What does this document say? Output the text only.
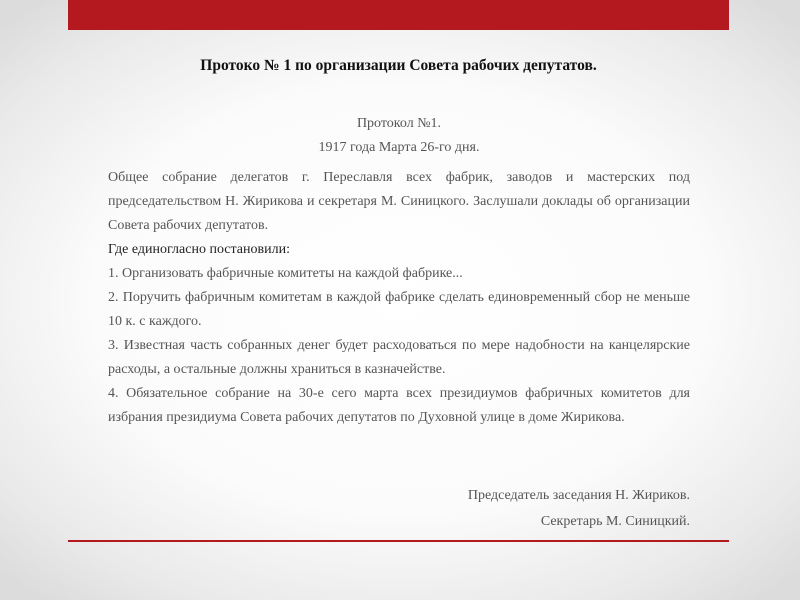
Протоко № 1 по организации Совета рабочих депутатов.
Протокол №1.
1917 года Марта 26-го дня.

Общее собрание делегатов г. Переславля всех фабрик, заводов и мастерских под председательством Н. Жирикова и секретаря М. Синицкого. Заслушали доклады об организации Совета рабочих депутатов.

Где единогласно постановили:

1. Организовать фабричные комитеты на каждой фабрике...

2. Поручить фабричным комитетам в каждой фабрике сделать единовременный сбор не меньше 10 к. с каждого.

3. Известная часть собранных денег будет расходоваться по мере надобности на канцелярские расходы, а остальные должны храниться в казначействе.

4. Обязательное собрание на 30-е сего марта всех президиумов фабричных комитетов для избрания президиума Совета рабочих депутатов по Духовной улице в доме Жирикова.

Председатель заседания Н. Жириков.
Секретарь М. Синицкий.
